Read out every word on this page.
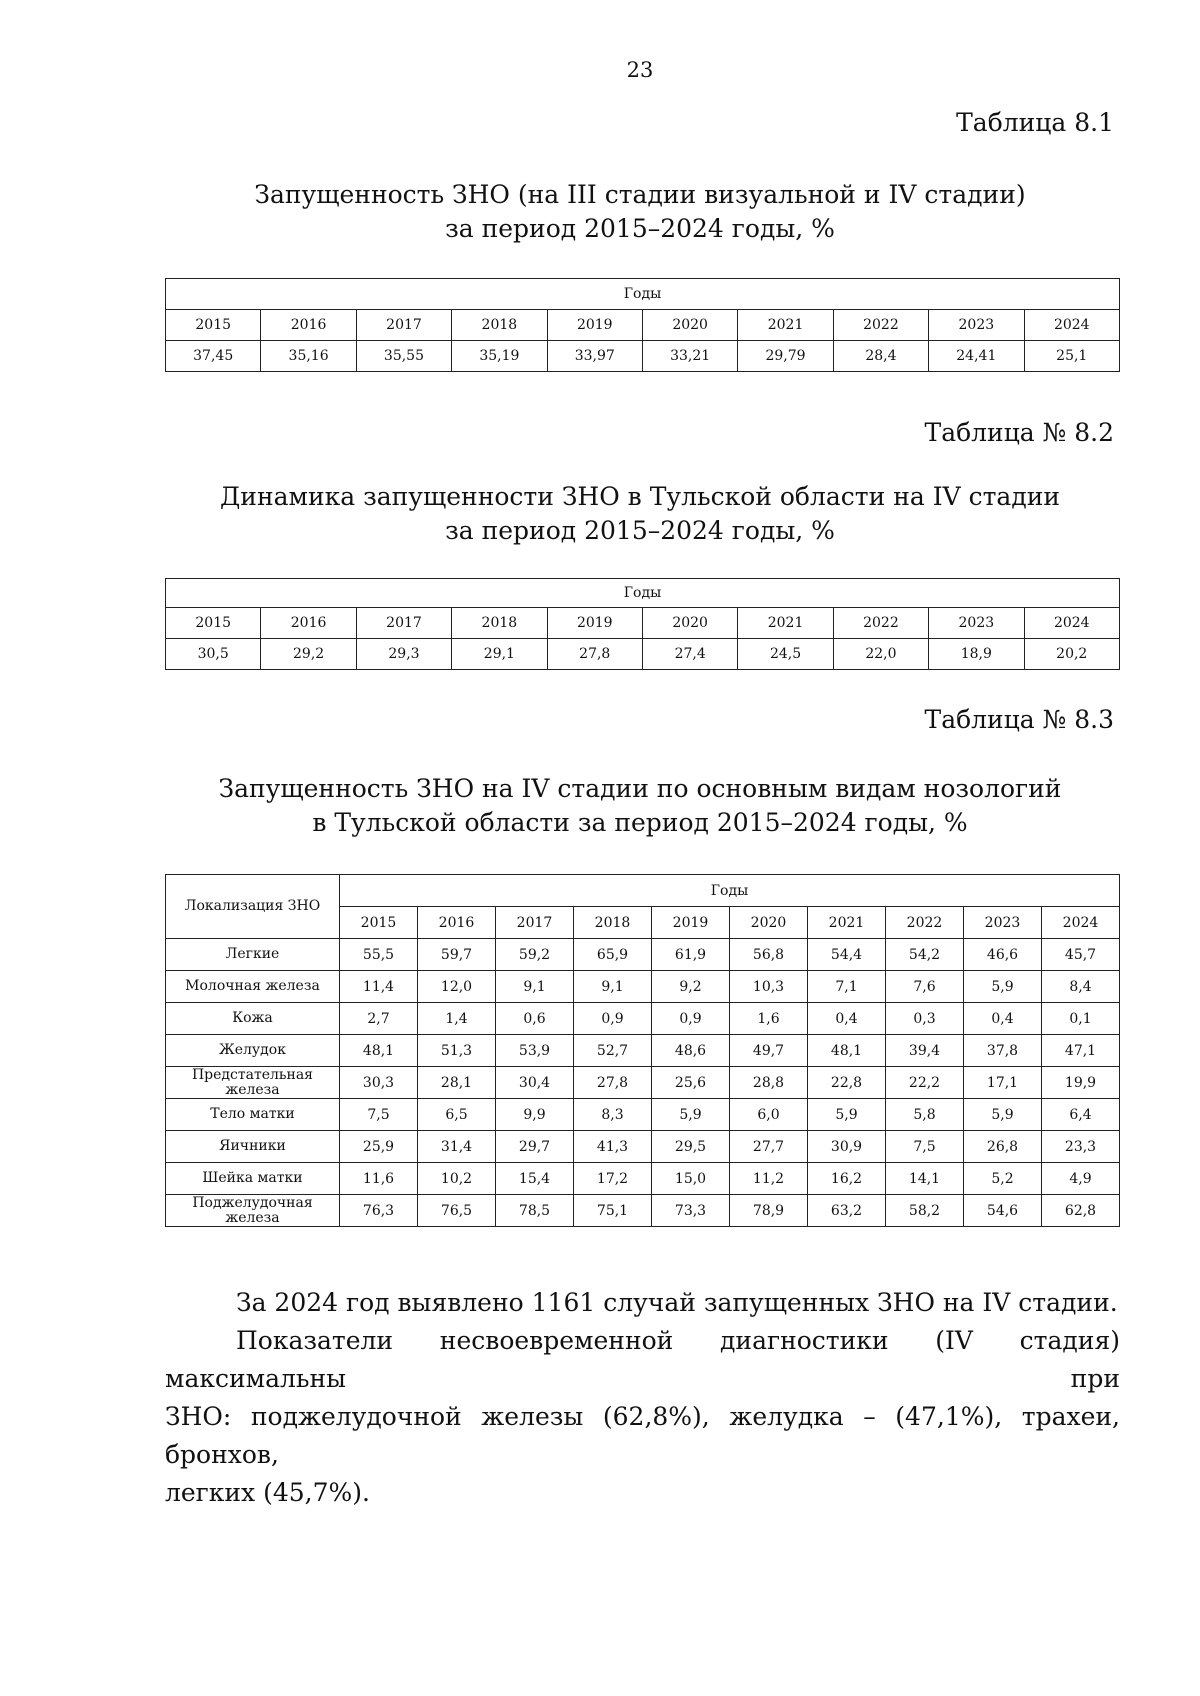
23
Таблица 8.1
Запущенность ЗНО (на III стадии визуальной и IV стадии)
за период 2015–2024 годы, %
Годы									
2015	2016	2017	2018	2019	2020	2021	2022	2023	2024
37,45	35,16	35,55	35,19	33,97	33,21	29,79	28,4	24,41	25,1
Таблица № 8.2
Динамика запущенности ЗНО в Тульской области на IV стадии
за период 2015–2024 годы, %
Годы									
2015	2016	2017	2018	2019	2020	2021	2022	2023	2024
30,5	29,2	29,3	29,1	27,8	27,4	24,5	22,0	18,9	20,2
Таблица № 8.3
Запущенность ЗНО на IV стадии по основным видам нозологий
в Тульской области за период 2015–2024 годы, %
Локализация ЗНО	Годы									
	2015	2016	2017	2018	2019	2020	2021	2022	2023	2024
Легкие	55,5	59,7	59,2	65,9	61,9	56,8	54,4	54,2	46,6	45,7
Молочная железа	11,4	12,0	9,1	9,1	9,2	10,3	7,1	7,6	5,9	8,4
Кожа	2,7	1,4	0,6	0,9	0,9	1,6	0,4	0,3	0,4	0,1
Желудок	48,1	51,3	53,9	52,7	48,6	49,7	48,1	39,4	37,8	47,1
Предстательная железа	30,3	28,1	30,4	27,8	25,6	28,8	22,8	22,2	17,1	19,9
Тело матки	7,5	6,5	9,9	8,3	5,9	6,0	5,9	5,8	5,9	6,4
Яичники	25,9	31,4	29,7	41,3	29,5	27,7	30,9	7,5	26,8	23,3
Шейка матки	11,6	10,2	15,4	17,2	15,0	11,2	16,2	14,1	5,2	4,9
Поджелудочная железа	76,3	76,5	78,5	75,1	73,3	78,9	63,2	58,2	54,6	62,8
За 2024 год выявлено 1161 случай запущенных ЗНО на IV стадии.
Показатели несвоевременной диагностики (IV стадия) максимальны при
ЗНО: поджелудочной железы (62,8%), желудка – (47,1%), трахеи, бронхов,
легких (45,7%).
